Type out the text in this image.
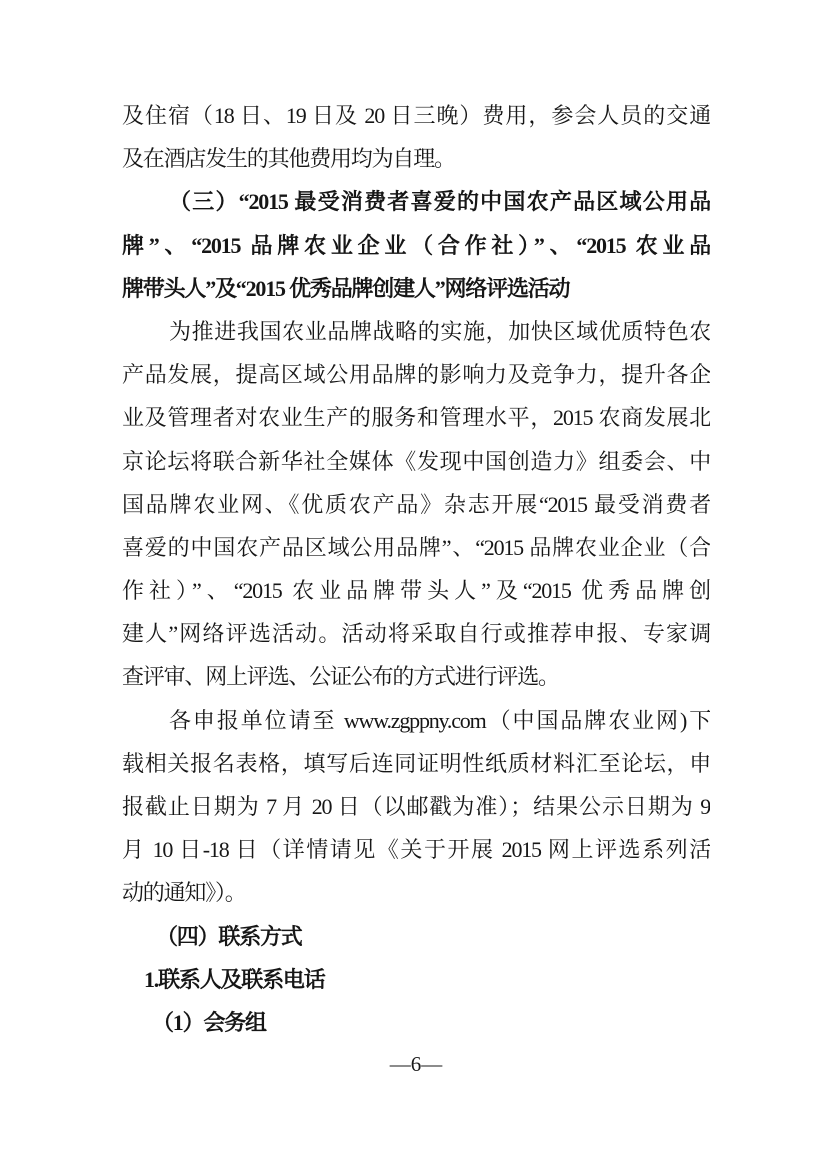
及住宿（18 日、19 日及 20 日三晚）费用，参会人员的交通
及在酒店发生的其他费用均为自理。
（三）“2015 最受消费者喜爱的中国农产品区域公用品
牌”、“2015 品牌农业企业（合作社）”、“2015 农业品
牌带头人”及“2015 优秀品牌创建人”网络评选活动
为推进我国农业品牌战略的实施，加快区域优质特色农
产品发展，提高区域公用品牌的影响力及竞争力，提升各企
业及管理者对农业生产的服务和管理水平，2015 农商发展北
京论坛将联合新华社全媒体《发现中国创造力》组委会、中
国品牌农业网、《优质农产品》杂志开展“2015 最受消费者
喜爱的中国农产品区域公用品牌”、“2015 品牌农业企业（合
作社）”、“2015 农业品牌带头人”及“2015 优秀品牌创
建人”网络评选活动。活动将采取自行或推荐申报、专家调
查评审、网上评选、公证公布的方式进行评选。
各申报单位请至 www.zgppny.com（中国品牌农业网)下
载相关报名表格，填写后连同证明性纸质材料汇至论坛，申
报截止日期为 7 月 20 日（以邮戳为准）；结果公示日期为 9
月 10 日-18 日（详情请见《关于开展 2015 网上评选系列活
动的通知》）。
（四）联系方式
1.联系人及联系电话
（1）会务组
—6—
